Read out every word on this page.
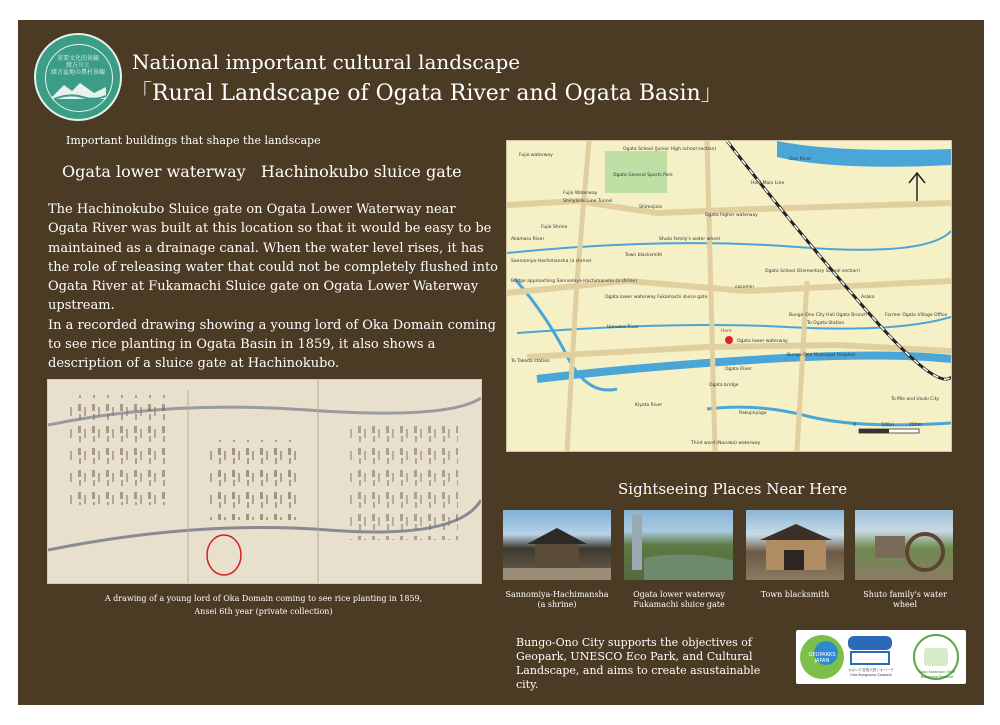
重要文化的景観
緒方川と
緒方盆地の農村景観	National important cultural landscape
「Rural Landscape of Ogata River and Ogata Basin」
Important buildings that shape the landscape
Ogata lower waterway   Hachinokubo sluice gate

The Hachinokubo Sluice gate on Ogata Lower Waterway near Ogata River was built at this location so that it would be easy to be maintained as a drainage canal. When the water level rises, it has the role of releasing water that could not be completely flushed into Ogata River at Fukamachi Sluice gate on Ogata Lower Waterway upstream.

In a recorded drawing showing a young lord of Oka Domain coming to see rice planting in Ogata Basin in 1859, it also shows a description of a sluice gate at Hachinokubo.

A drawing of a young lord of Oka Domain coming to see rice planting in 1859,
Ansei 6th year (private collection)
Ogata School (Junior High school section)
Ogata General Sports Park
Fujio waterway
Fujio Waterway
Shinyasiki Line Tunnel
Shimojizai
Ogata higher waterway
Fujio Shrine
Akamaru River	Shuto family's water wheel
Town blacksmith
Sannomiya-Hachimansha (a shrine)
Bridge approaching Sannomiya-Hachimansha (a shrine)
Ogata lower waterway Fukamachi sluice gate
Uonuma River
cocomin
Ogata School (Elementary School section)
Ono River
Hohi Main Line
Bungo-Ono City Hall Ogata Branch
Here
Ogata lower waterway
Bungo-Ono Municipal Hospital
Ogata River
Ogata bridge
Kiyota River
Rakujinyago
Third word (Nonaka) waterway
To Takeda station
To Ogata Station
To Mie and Usuki City
Asaka
Former Ogata Village Office
0	100m	200m
Sightseeing Places Near Here
Sannomiya-Hachimansha
(a shrine)
Ogata lower waterway
Fukamachi sluice gate
Town blacksmith	Shuto family's water wheel
Bungo-Ono City supports the objectives of Geopark, UNESCO Eco Park, and Cultural Landscape, and aims to create asustainable city.
GEOPARKS JAPAN
おおいた豊後大野ジオパーク
Oita Bungoono Geopark
Sobo Katamuki Okue Biosphere Reserve
